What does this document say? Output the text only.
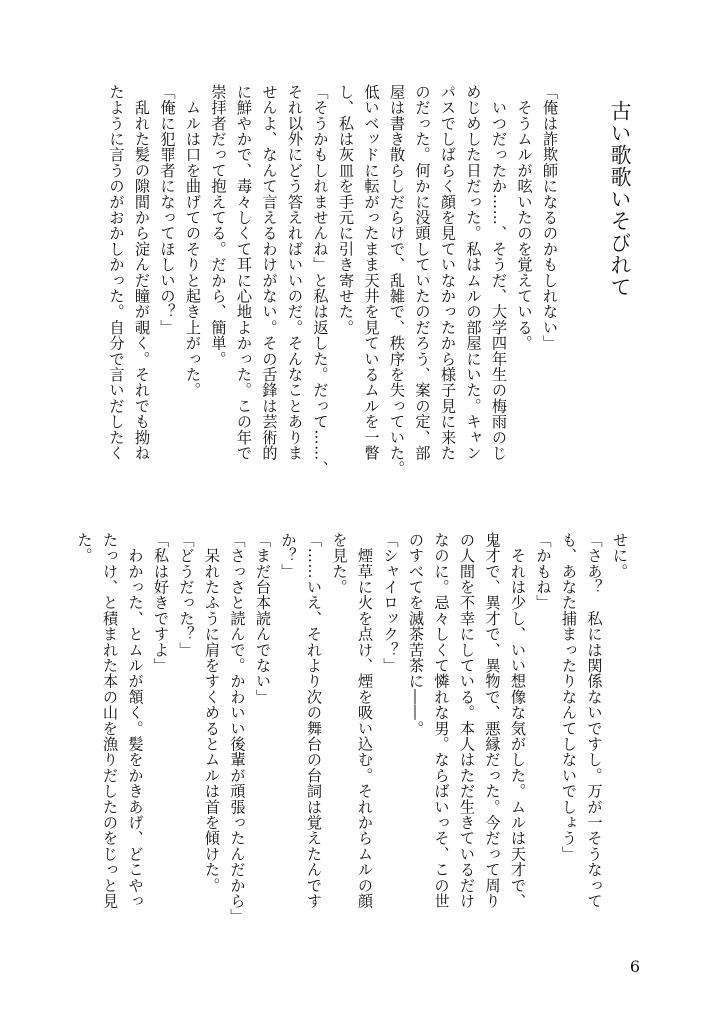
古い歌歌いそびれて

「俺は詐欺師になるのかもしれない」

　そうムルが呟いたのを覚えている。

　いつだったか……、そうだ、大学四年生の梅雨のじ

めじめした日だった。私はムルの部屋にいた。キャン

パスでしばらく顔を見ていなかったから様子見に来た

のだった。何かに没頭していたのだろう、案の定、部

屋は書き散らしだらけで、乱雑で、秩序を失っていた。

低いベッドに転がったまま天井を見ているムルを一瞥

し、私は灰皿を手元に引き寄せた。

「そうかもしれませんね」と私は返した。だって……、

それ以外にどう答えればいいのだ。そんなことありま

せんよ、なんて言えるわけがない。その舌鋒は芸術的

に鮮やかで、毒々しくて耳に心地よかった。この年で

崇拝者だって抱えてる。だから、簡単。

　ムルは口を曲げてのそりと起き上がった。

「俺に犯罪者になってほしいの？」

　乱れた髪の隙間から淀んだ瞳が覗く。それでも拗ね

たように言うのがおかしかった。自分で言いだしたく

せに。

「さあ？　私には関係ないですし。万が一そうなって

も、あなた捕まったりなんてしないでしょう」

「かもね」

　それは少し、いい想像な気がした。ムルは天才で、

鬼才で、異才で、異物で、悪縁だった。今だって周り

の人間を不幸にしている。本人はただ生きているだけ

なのに。忌々しくて憐れな男。ならばいっそ、この世

のすべてを滅茶苦茶に――。

「シャイロック？」

　煙草に火を点け、煙を吸い込む。それからムルの顔

を見た。

「……いえ、それより次の舞台の台詞は覚えたんです

か？」

「まだ台本読んでない」

「さっさと読んで。かわいい後輩が頑張ったんだから」

　呆れたふうに肩をすくめるとムルは首を傾けた。

「どうだった？」

「私は好きですよ」

　わかった、とムルが頷く。髪をかきあげ、どこやっ

たっけ、と積まれた本の山を漁りだしたのをじっと見

た。

6
